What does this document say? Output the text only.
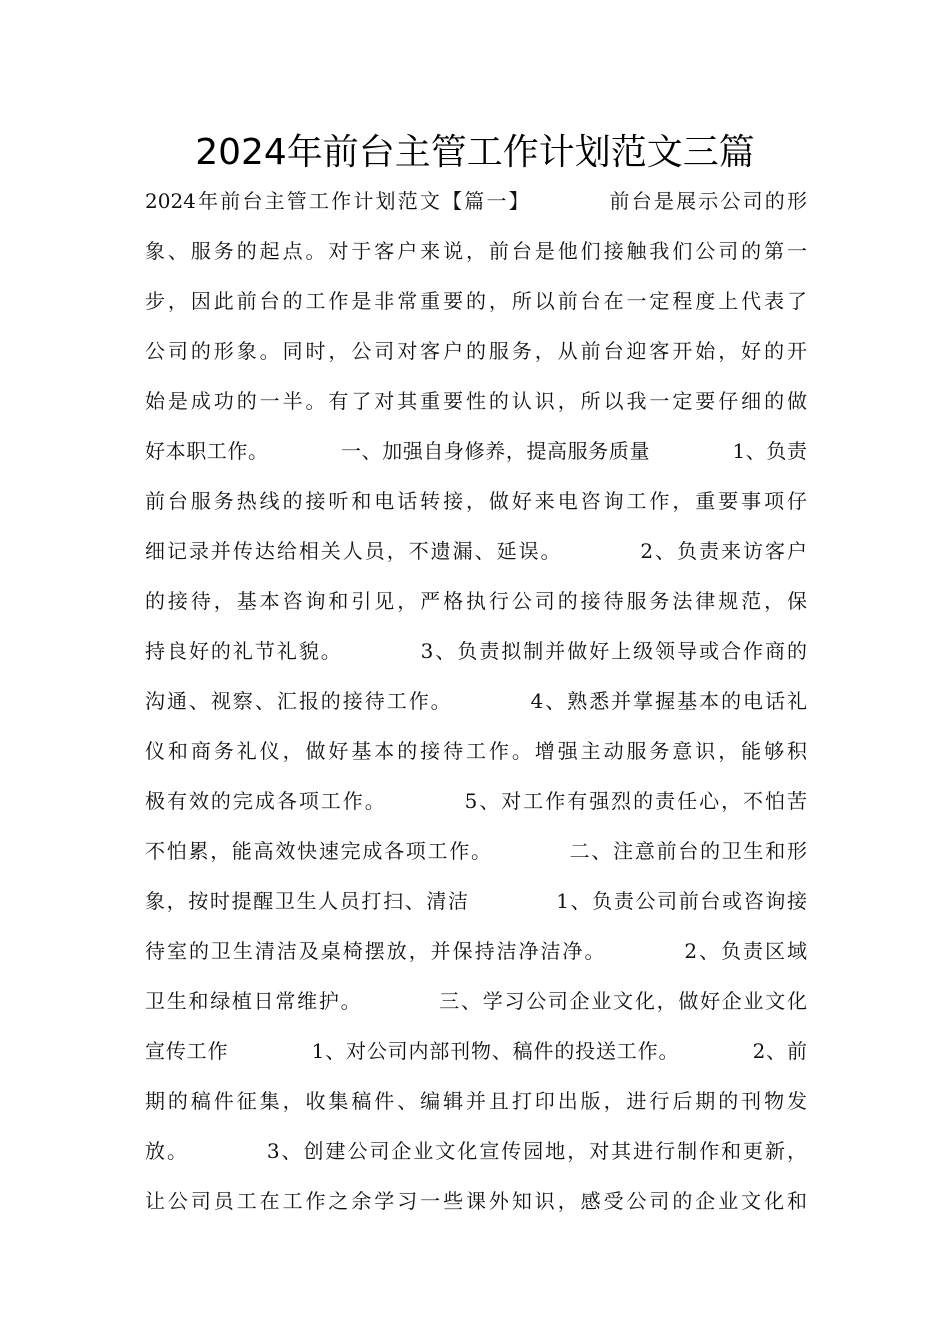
2024年前台主管工作计划范文三篇
2024年前台主管工作计划范文【篇一】　　　　前台是展示公司的形
象、服务的起点。对于客户来说，前台是他们接触我们公司的第一
步，因此前台的工作是非常重要的，所以前台在一定程度上代表了
公司的形象。同时，公司对客户的服务，从前台迎客开始，好的开
始是成功的一半。有了对其重要性的认识，所以我一定要仔细的做
好本职工作。　　　　一、加强自身修养，提高服务质量　　　　1、负责
前台服务热线的接听和电话转接，做好来电咨询工作，重要事项仔
细记录并传达给相关人员，不遗漏、延误。　　　　2、负责来访客户
的接待，基本咨询和引见，严格执行公司的接待服务法律规范，保
持良好的礼节礼貌。　　　　3、负责拟制并做好上级领导或合作商的
沟通、视察、汇报的接待工作。　　　　4、熟悉并掌握基本的电话礼
仪和商务礼仪，做好基本的接待工作。增强主动服务意识，能够积
极有效的完成各项工作。　　　　5、对工作有强烈的责任心，不怕苦
不怕累，能高效快速完成各项工作。　　　　二、注意前台的卫生和形
象，按时提醒卫生人员打扫、清洁　　　　1、负责公司前台或咨询接
待室的卫生清洁及桌椅摆放，并保持洁净洁净。　　　　2、负责区域
卫生和绿植日常维护。　　　　三、学习公司企业文化，做好企业文化
宣传工作　　　　1、对公司内部刊物、稿件的投送工作。　　　　2、前
期的稿件征集，收集稿件、编辑并且打印出版，进行后期的刊物发
放。　　　　3、创建公司企业文化宣传园地，对其进行制作和更新，
让公司员工在工作之余学习一些课外知识，感受公司的企业文化和
